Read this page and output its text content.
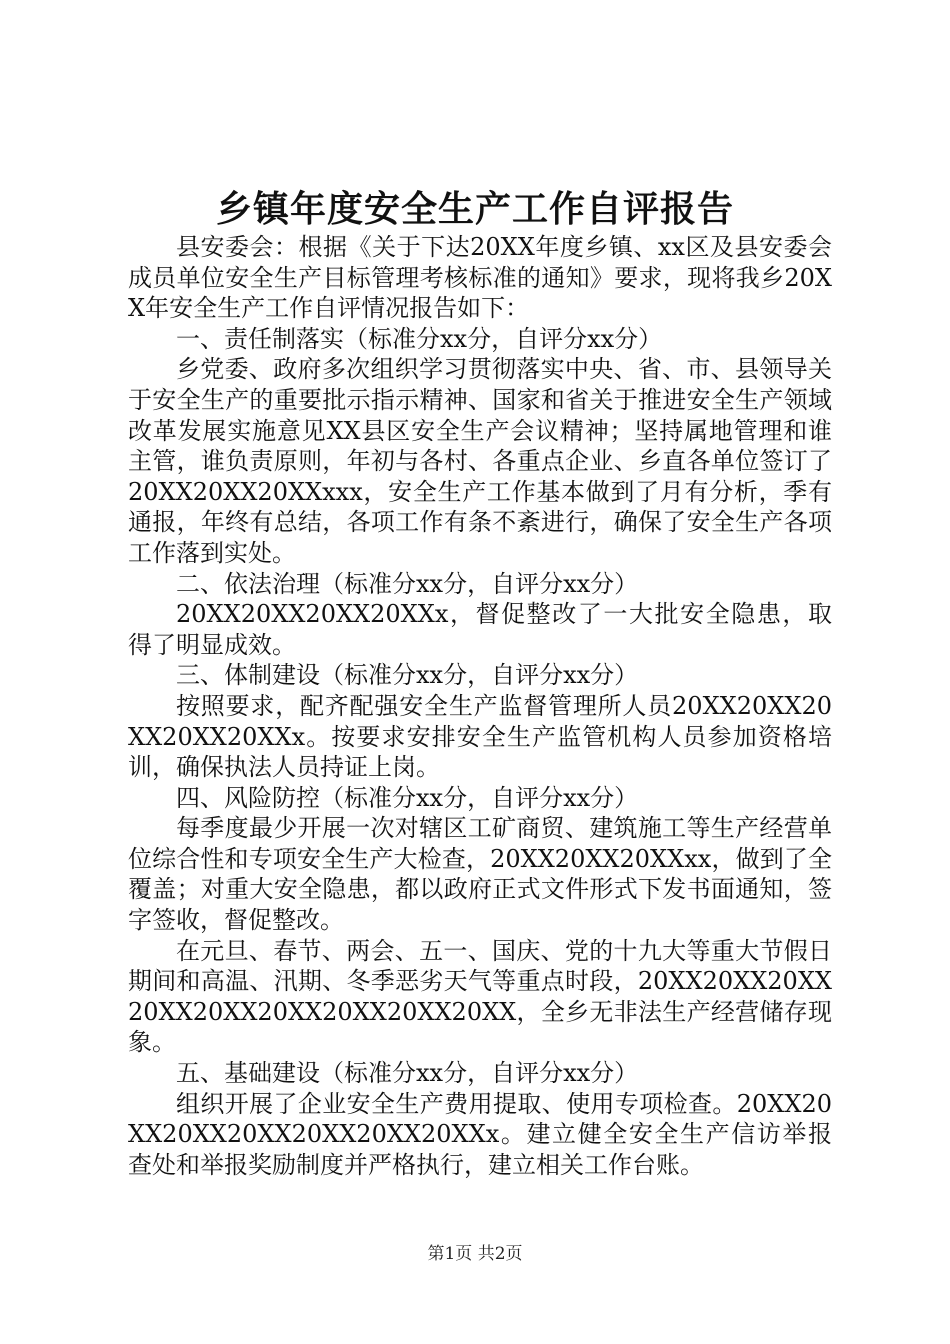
乡镇年度安全生产工作自评报告

县安委会：根据《关于下达20XX年度乡镇、xx区及县安委会成员单位安全生产目标管理考核标准的通知》要求，现将我乡20XX年安全生产工作自评情况报告如下：

一、责任制落实（标准分xx分，自评分xx分）

乡党委、政府多次组织学习贯彻落实中央、省、市、县领导关于安全生产的重要批示指示精神、国家和省关于推进安全生产领域改革发展实施意见XX县区安全生产会议精神；坚持属地管理和谁主管，谁负责原则，年初与各村、各重点企业、乡直各单位签订了20XX20XX20XXxxx，安全生产工作基本做到了月有分析，季有通报，年终有总结，各项工作有条不紊进行，确保了安全生产各项工作落到实处。

二、依法治理（标准分xx分，自评分xx分）

20XX20XX20XX20XXx，督促整改了一大批安全隐患，取得了明显成效。

三、体制建设（标准分xx分，自评分xx分）

按照要求，配齐配强安全生产监督管理所人员20XX20XX20XX20XX20XXx。按要求安排安全生产监管机构人员参加资格培训，确保执法人员持证上岗。

四、风险防控（标准分xx分，自评分xx分）

每季度最少开展一次对辖区工矿商贸、建筑施工等生产经营单位综合性和专项安全生产大检查，20XX20XX20XXxx，做到了全覆盖；对重大安全隐患，都以政府正式文件形式下发书面通知，签字签收，督促整改。

在元旦、春节、两会、五一、国庆、党的十九大等重大节假日期间和高温、汛期、冬季恶劣天气等重点时段，20XX20XX20XX20XX20XX20XX20XX20XX20XX，全乡无非法生产经营储存现象。

五、基础建设（标准分xx分，自评分xx分）

组织开展了企业安全生产费用提取、使用专项检查。20XX20XX20XX20XX20XX20XX20XXx。建立健全安全生产信访举报查处和举报奖励制度并严格执行，建立相关工作台账。

第1页 共2页
